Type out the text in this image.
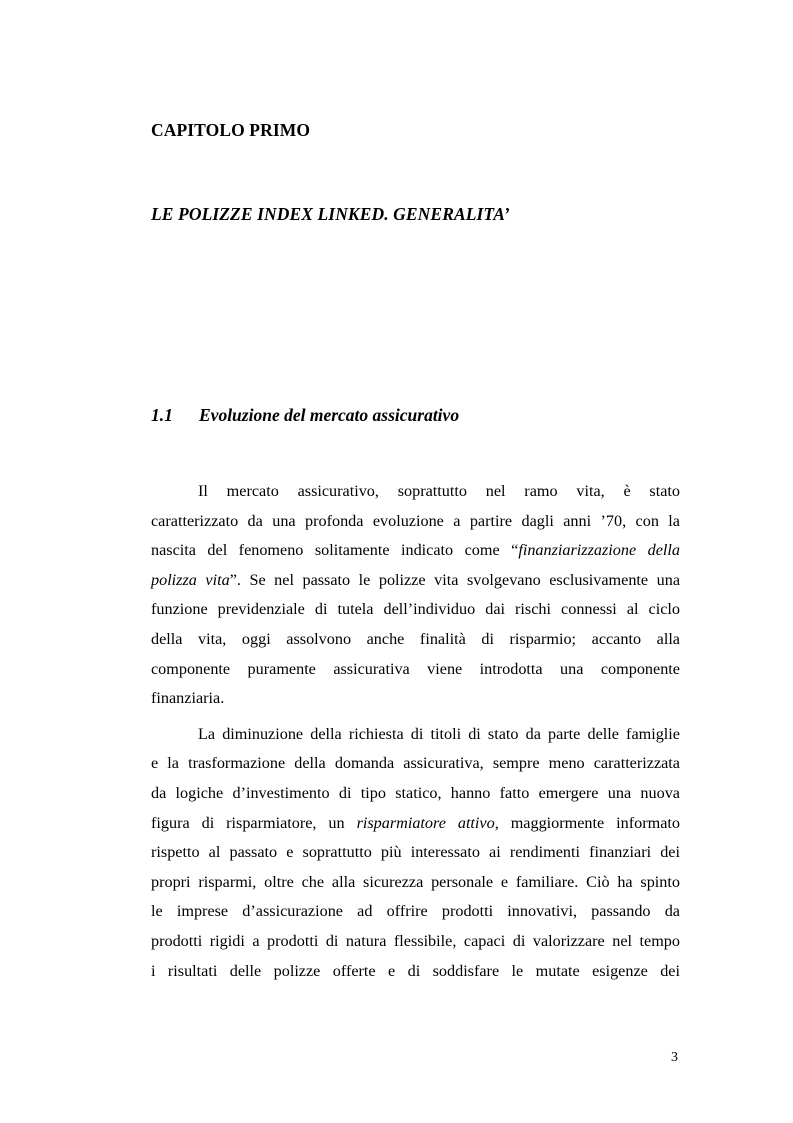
CAPITOLO PRIMO
LE POLIZZE INDEX LINKED. GENERALITA’
1.1 Evoluzione del mercato assicurativo
Il mercato assicurativo, soprattutto nel ramo vita, è stato
caratterizzato da una profonda evoluzione a partire dagli anni ’70, con la
nascita del fenomeno solitamente indicato come “finanziarizzazione della
polizza vita”. Se nel passato le polizze vita svolgevano esclusivamente una
funzione previdenziale di tutela dell’individuo dai rischi connessi al ciclo
della vita, oggi assolvono anche finalità di risparmio; accanto alla
componente puramente assicurativa viene introdotta una componente
finanziaria.
La diminuzione della richiesta di titoli di stato da parte delle famiglie
e la trasformazione della domanda assicurativa, sempre meno caratterizzata
da logiche d’investimento di tipo statico, hanno fatto emergere una nuova
figura di risparmiatore, un risparmiatore attivo, maggiormente informato
rispetto al passato e soprattutto più interessato ai rendimenti finanziari dei
propri risparmi, oltre che alla sicurezza personale e familiare. Ciò ha spinto
le imprese d’assicurazione ad offrire prodotti innovativi, passando da
prodotti rigidi a prodotti di natura flessibile, capaci di valorizzare nel tempo
i risultati delle polizze offerte e di soddisfare le mutate esigenze dei
3
